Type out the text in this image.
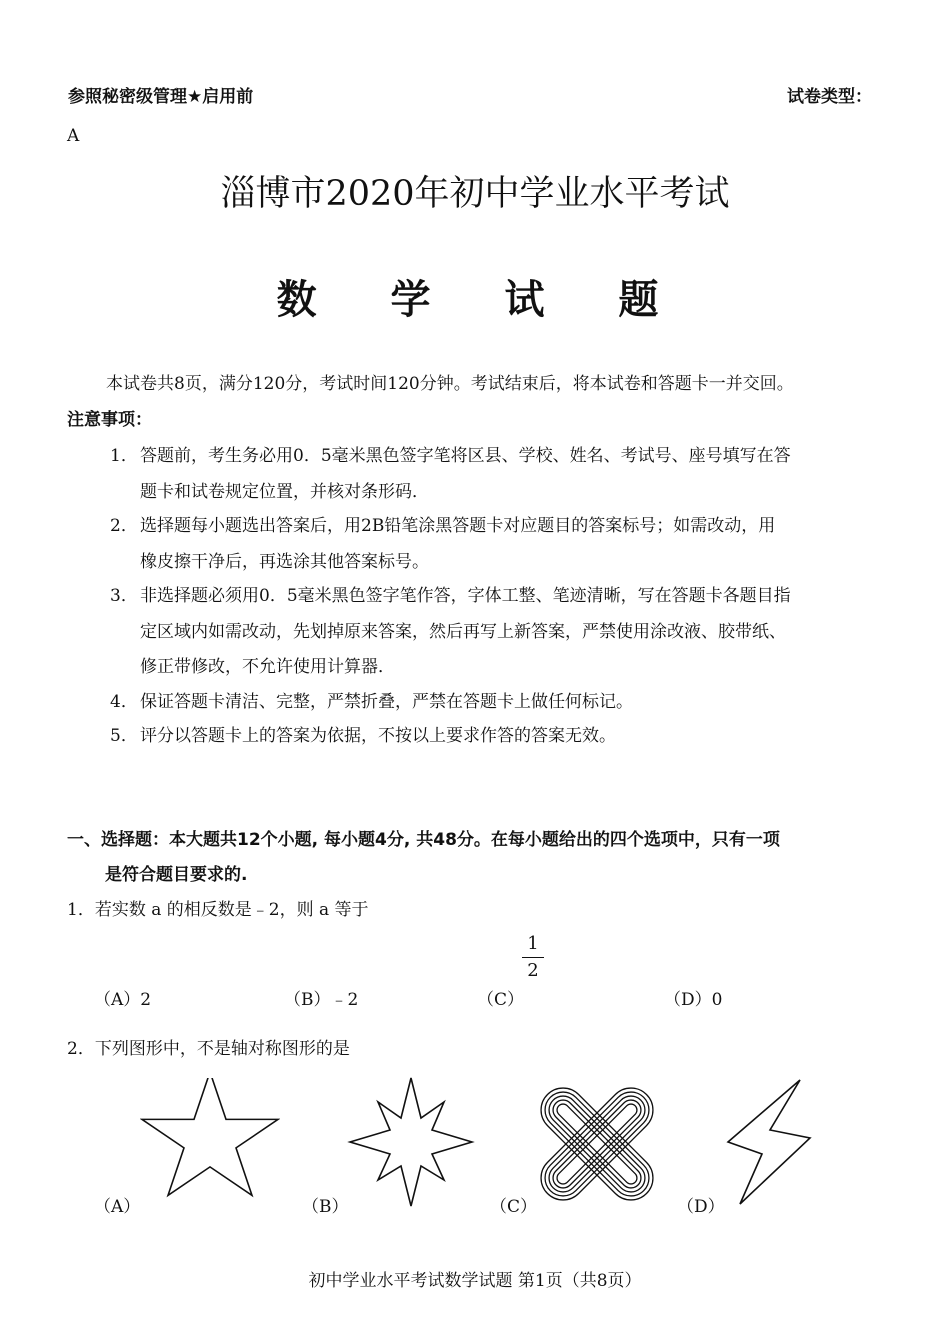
参照秘密级管理★启用前	试卷类型：
A
淄博市2020年初中学业水平考试
数 学 试 题
本试卷共8页，满分120分，考试时间120分钟。考试结束后，将本试卷和答题卡一并交回。
注意事项：
1． 答题前，考生务必用0．5毫米黑色签字笔将区县、学校、姓名、考试号、座号填写在答
题卡和试卷规定位置，并核对条形码．
2． 选择题每小题选出答案后，用2B铅笔涂黑答题卡对应题目的答案标号；如需改动，用
橡皮擦干净后，再选涂其他答案标号。
3． 非选择题必须用0．5毫米黑色签字笔作答，字体工整、笔迹清晰，写在答题卡各题目指
定区域内如需改动，先划掉原来答案，然后再写上新答案，严禁使用涂改液、胶带纸、
修正带修改，不允许使用计算器．
4． 保证答题卡清洁、完整，严禁折叠，严禁在答题卡上做任何标记。
5． 评分以答题卡上的答案为依据，不按以上要求作答的答案无效。
一、选择题：本大题共12个小题, 每小题4分, 共48分。在每小题给出的四个选项中，只有一项
是符合题目要求的.
1．若实数 a 的相反数是﹣2，则 a 等于
（A）2	（B）﹣2	（C）
1
2
（D）0
2．下列图形中，不是轴对称图形的是
（A）	（B）	（C）	（D）
初中学业水平考试数学试题 第1页（共8页）
